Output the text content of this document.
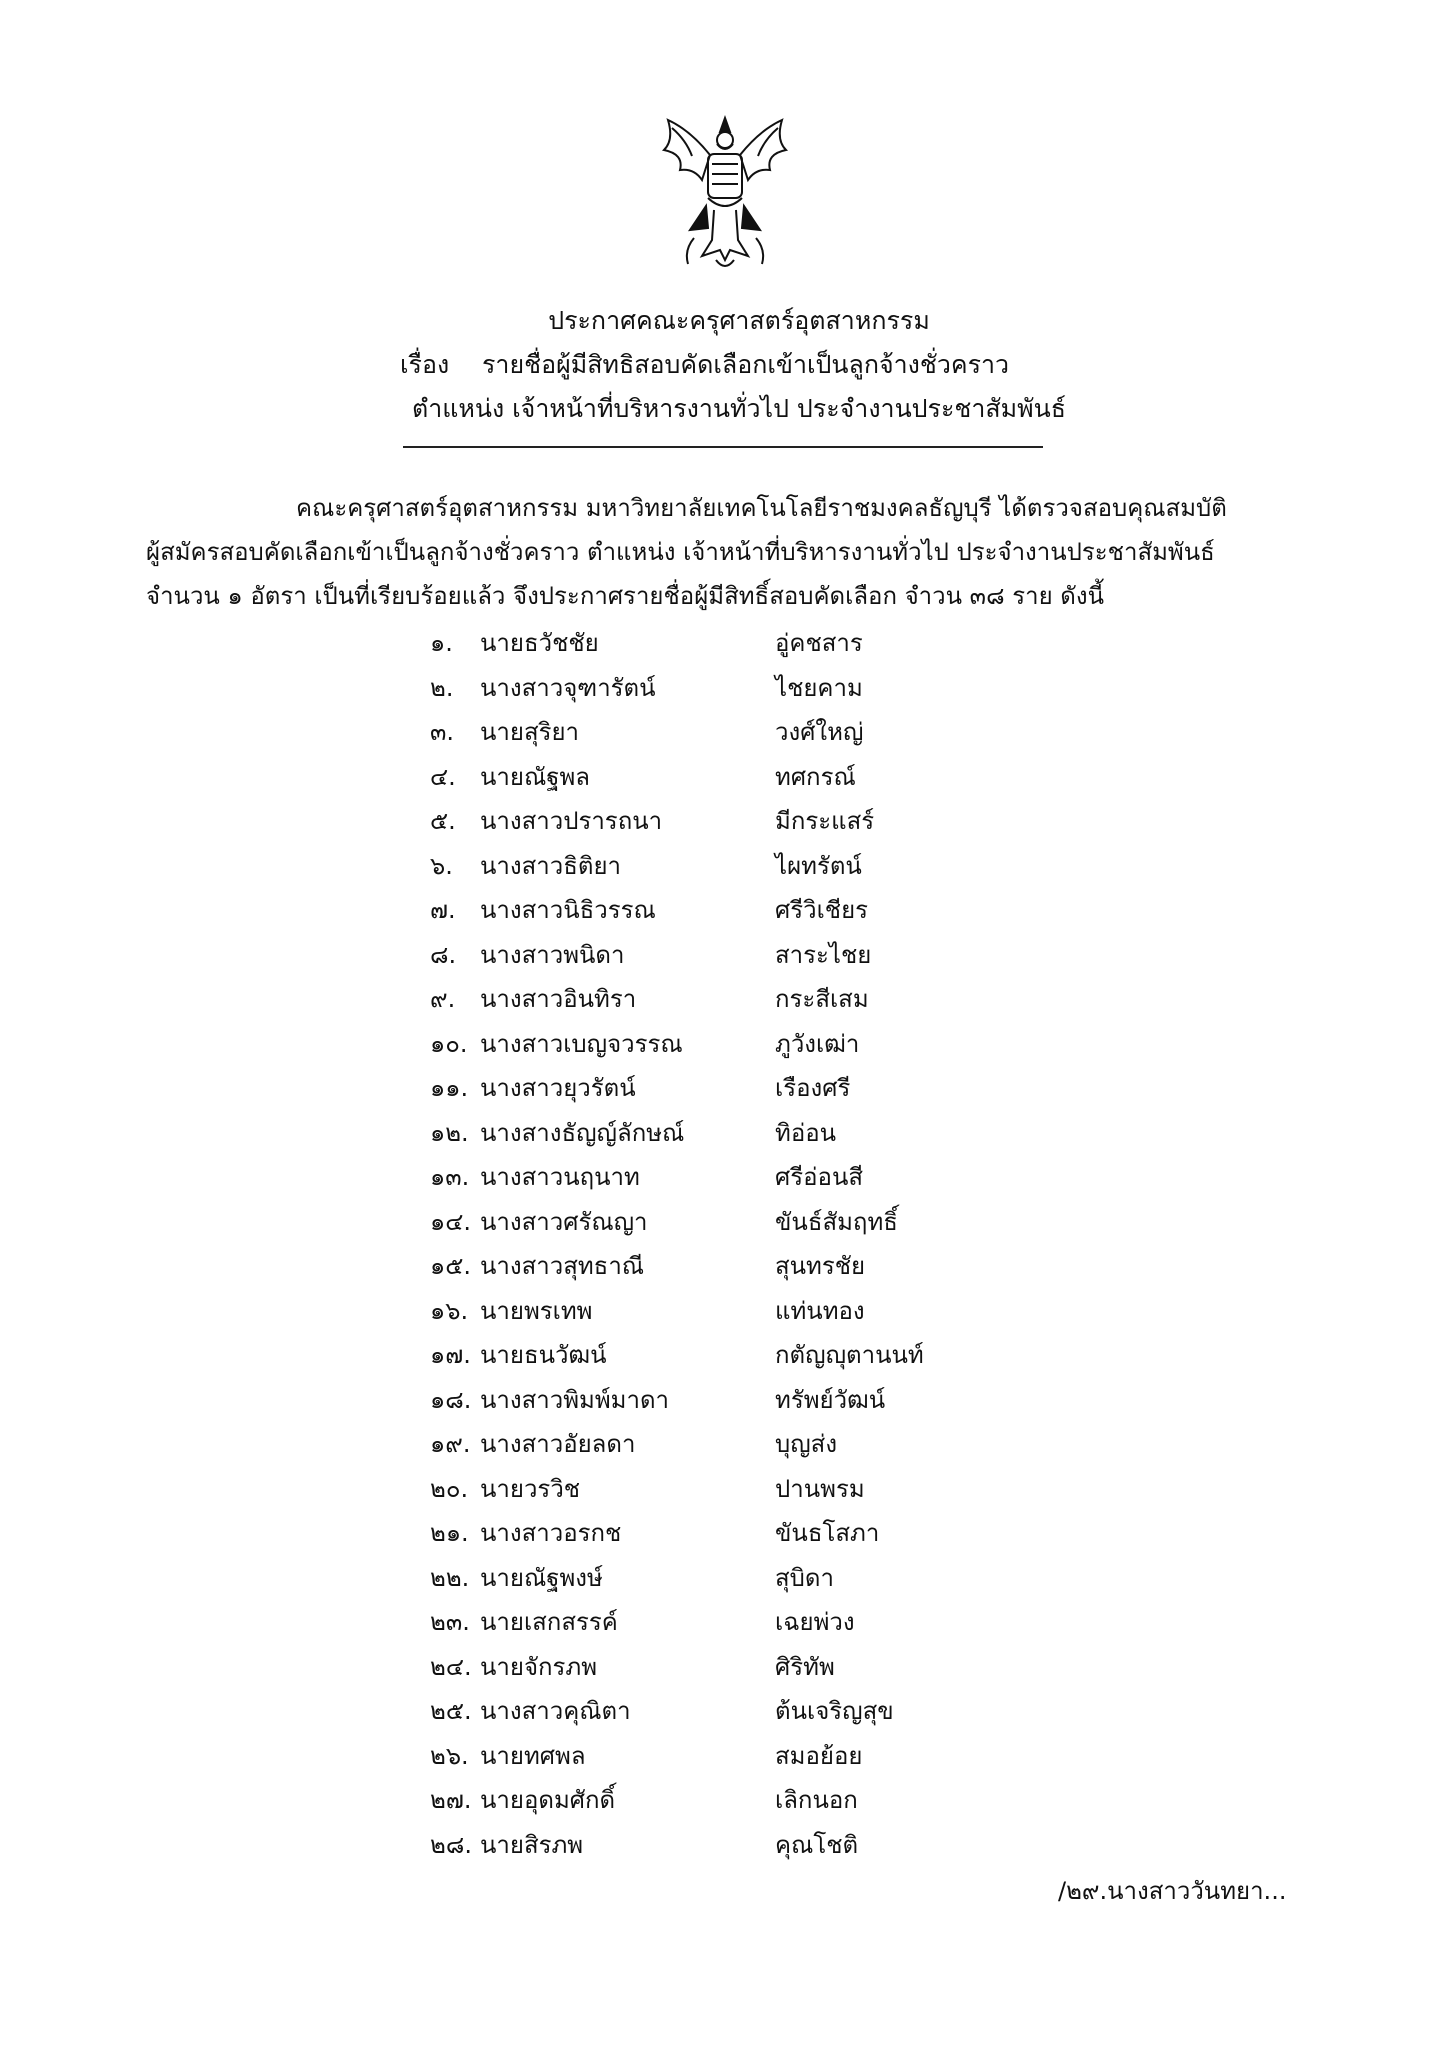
ประกาศคณะครุศาสตร์อุตสาหกรรม
เรื่อง รายชื่อผู้มีสิทธิสอบคัดเลือกเข้าเป็นลูกจ้างชั่วคราว
ตำแหน่ง เจ้าหน้าที่บริหารงานทั่วไป ประจำงานประชาสัมพันธ์
คณะครุศาสตร์อุตสาหกรรม มหาวิทยาลัยเทคโนโลยีราชมงคลธัญบุรี ได้ตรวจสอบคุณสมบัติ
ผู้สมัครสอบคัดเลือกเข้าเป็นลูกจ้างชั่วคราว ตำแหน่ง เจ้าหน้าที่บริหารงานทั่วไป ประจำงานประชาสัมพันธ์
จำนวน ๑ อัตรา เป็นที่เรียบร้อยแล้ว จึงประกาศรายชื่อผู้มีสิทธิ์สอบคัดเลือก จำวน ๓๘ ราย ดังนี้
๑. นายธวัชชัย	อู่คชสาร
๒. นางสาวจุฑารัตน์	ไชยคาม
๓. นายสุริยา	วงศ์ใหญ่
๔. นายณัฐพล	ทศกรณ์
๕. นางสาวปรารถนา	มีกระแสร์
๖. นางสาวธิติยา	ไผทรัตน์
๗. นางสาวนิธิวรรณ	ศรีวิเชียร
๘. นางสาวพนิดา	สาระไชย
๙. นางสาวอินทิรา	กระสีเสม
๑๐. นางสาวเบญจวรรณ	ภูวังเฒ่า
๑๑. นางสาวยุวรัตน์	เรืองศรี
๑๒. นางสางธัญญ์ลักษณ์	ทิอ่อน
๑๓. นางสาวนฤนาท	ศรีอ่อนสี
๑๔. นางสาวศรัณญา	ขันธ์สัมฤทธิ์
๑๕. นางสาวสุทธาณี	สุนทรชัย
๑๖. นายพรเทพ	แท่นทอง
๑๗. นายธนวัฒน์	กตัญญุตานนท์
๑๘. นางสาวพิมพ์มาดา	ทรัพย์วัฒน์
๑๙. นางสาวอัยลดา	บุญส่ง
๒๐. นายวรวิช	ปานพรม
๒๑. นางสาวอรกช	ขันธโสภา
๒๒. นายณัฐพงษ์	สุบิดา
๒๓. นายเสกสรรค์	เฉยพ่วง
๒๔. นายจักรภพ	ศิริทัพ
๒๕. นางสาวคุณิตา	ต้นเจริญสุข
๒๖. นายทศพล	สมอย้อย
๒๗. นายอุดมศักดิ์	เลิกนอก
๒๘. นายสิรภพ	คุณโชติ
/๒๙.นางสาววันทยา...
